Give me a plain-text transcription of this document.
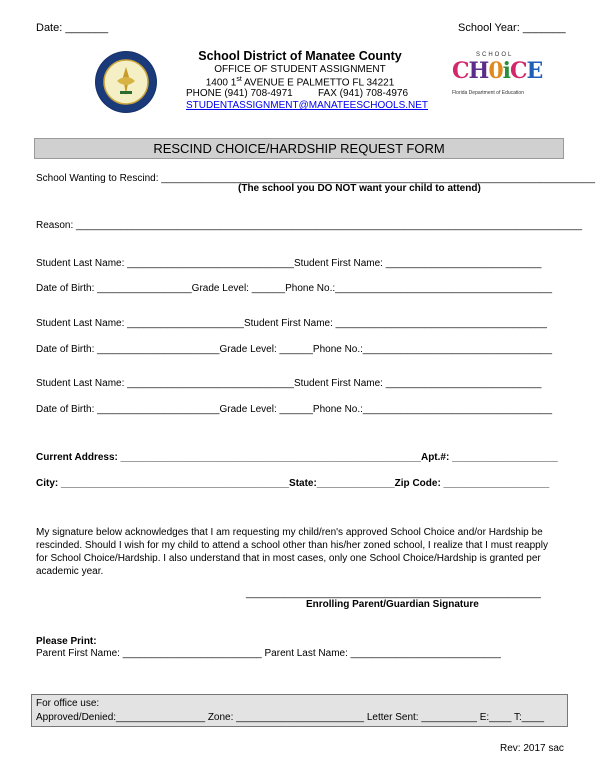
Date: _______	School Year: _______
School District of Manatee County
OFFICE OF STUDENT ASSIGNMENT
1400 1st AVENUE E PALMETTO FL 34221
PHONE (941) 708-4971	FAX (941) 708-4976
STUDENTASSIGNMENT@MANATEESCHOOLS.NET
SCHOOL
CH0iCE
Florida Department of Education
RESCIND CHOICE/HARDSHIP REQUEST FORM
School Wanting to Rescind: ______________________________________________________________________________
(The school you DO NOT want your child to attend)
Reason: ___________________________________________________________________________________________
Student Last Name: ______________________________Student First Name: ____________________________
Date of Birth: _________________Grade Level: ______Phone No.:_______________________________________
Student Last Name: _____________________Student First Name: ______________________________________
Date of Birth: ______________________Grade Level: ______Phone No.:__________________________________
Student Last Name: ______________________________Student First Name: ____________________________
Date of Birth: ______________________Grade Level: ______Phone No.:__________________________________
Current Address: ______________________________________________________Apt.#: ___________________
City: _________________________________________State:______________Zip Code: ___________________
My signature below acknowledges that I am requesting my child/ren's approved School Choice and/or Hardship be
rescinded. Should I wish for my child to attend a school other than his/her zoned school, I realize that I must reapply
for School Choice/Hardship. I also understand that in most cases, only one School Choice/Hardship is granted per
academic year.
_____________________________________________________
Enrolling Parent/Guardian Signature
Please Print:
Parent First Name: _________________________ Parent Last Name: ___________________________
For office use:
Approved/Denied:________________ Zone: _______________________ Letter Sent: __________ E:____ T:____
Rev: 2017 sac
